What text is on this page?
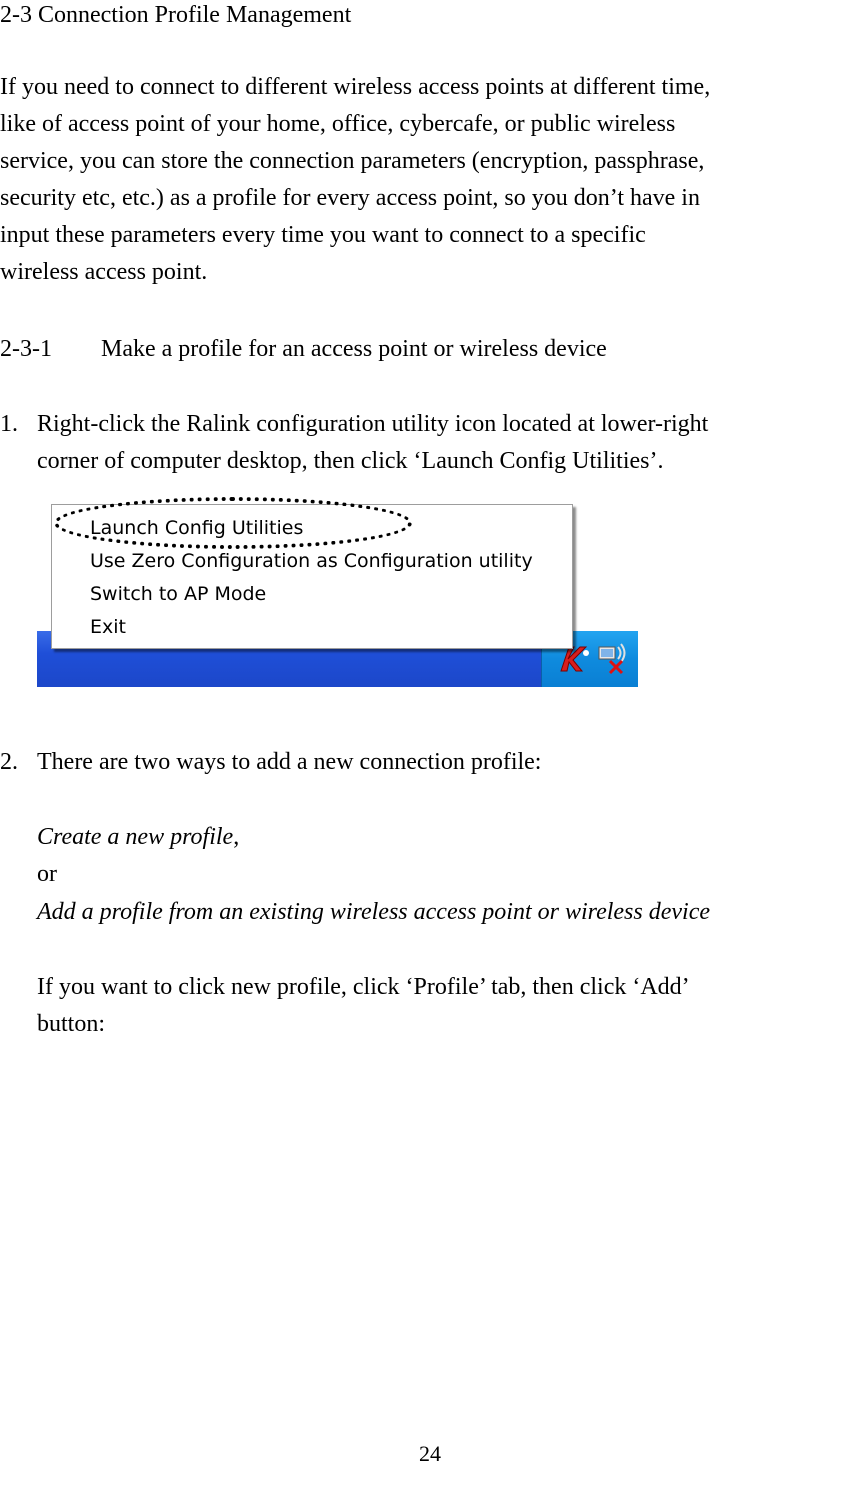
2-3 Connection Profile Management
If you need to connect to different wireless access points at different time,
like of access point of your home, office, cybercafe, or public wireless
service, you can store the connection parameters (encryption, passphrase,
security etc, etc.) as a profile for every access point, so you don’t have in
input these parameters every time you want to connect to a specific
wireless access point.
2-3-1 Make a profile for an access point or wireless device
1. Right-click the Ralink configuration utility icon located at lower-right
corner of computer desktop, then click ‘Launch Config Utilities’.
Launch Config Utilities
Use Zero Configuration as Configuration utility
Switch to AP Mode
Exit
2. There are two ways to add a new connection profile:
Create a new profile,
or
Add a profile from an existing wireless access point or wireless device
If you want to click new profile, click ‘Profile’ tab, then click ‘Add’
button:
24
